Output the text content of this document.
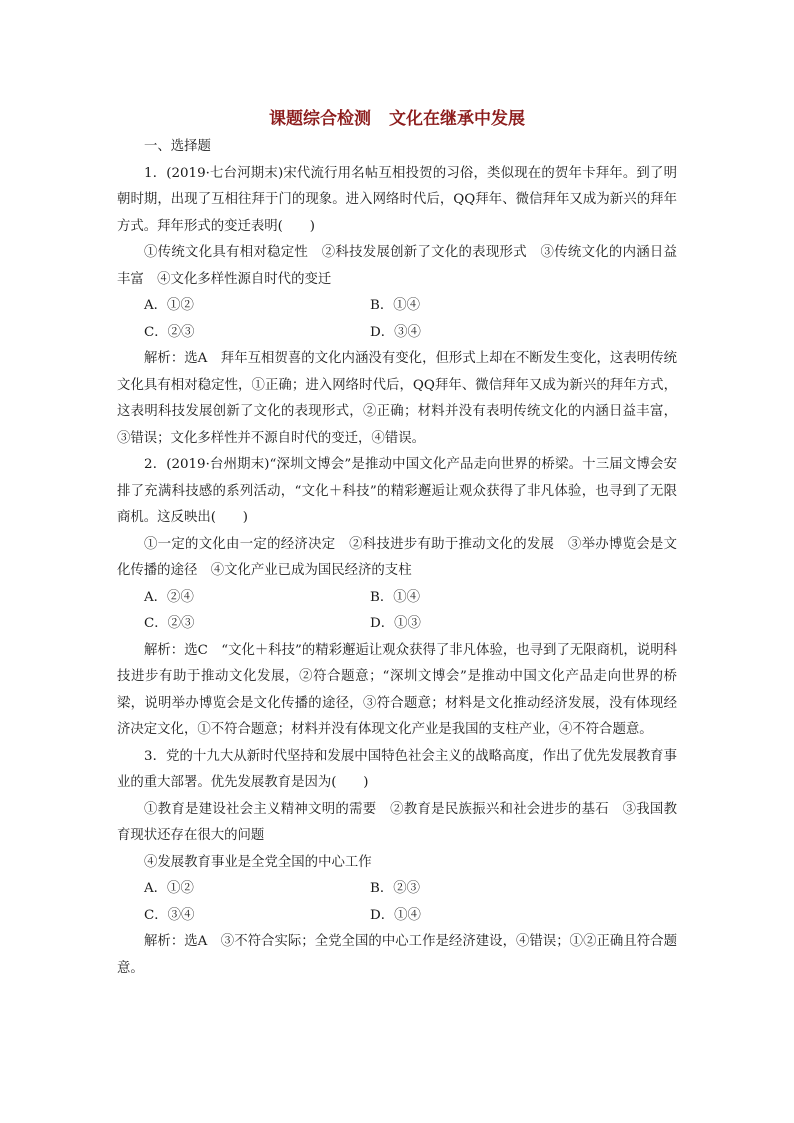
课题综合检测 文化在继承中发展

一、选择题

1．(2019·七台河期末)宋代流行用名帖互相投贺的习俗，类似现在的贺年卡拜年。到了明朝时期，出现了互相往拜于门的现象。进入网络时代后，QQ拜年、微信拜年又成为新兴的拜年方式。拜年形式的变迁表明(　　)

①传统文化具有相对稳定性　②科技发展创新了文化的表现形式　③传统文化的内涵日益丰富　④文化多样性源自时代的变迁

A．①②	B．①④
C．②③	D．③④

解析：选A　拜年互相贺喜的文化内涵没有变化，但形式上却在不断发生变化，这表明传统文化具有相对稳定性，①正确；进入网络时代后，QQ拜年、微信拜年又成为新兴的拜年方式，这表明科技发展创新了文化的表现形式，②正确；材料并没有表明传统文化的内涵日益丰富，③错误；文化多样性并不源自时代的变迁，④错误。

2．(2019·台州期末)“深圳文博会”是推动中国文化产品走向世界的桥梁。十三届文博会安排了充满科技感的系列活动，“文化＋科技”的精彩邂逅让观众获得了非凡体验，也寻到了无限商机。这反映出(　　)

①一定的文化由一定的经济决定　②科技进步有助于推动文化的发展　③举办博览会是文化传播的途径　④文化产业已成为国民经济的支柱

A．②④	B．①④
C．②③	D．①③

解析：选C　“文化＋科技”的精彩邂逅让观众获得了非凡体验，也寻到了无限商机，说明科技进步有助于推动文化发展，②符合题意；“深圳文博会”是推动中国文化产品走向世界的桥梁，说明举办博览会是文化传播的途径，③符合题意；材料是文化推动经济发展，没有体现经济决定文化，①不符合题意；材料并没有体现文化产业是我国的支柱产业，④不符合题意。

3．党的十九大从新时代坚持和发展中国特色社会主义的战略高度，作出了优先发展教育事业的重大部署。优先发展教育是因为(　　)

①教育是建设社会主义精神文明的需要　②教育是民族振兴和社会进步的基石　③我国教育现状还存在很大的问题

④发展教育事业是全党全国的中心工作

A．①②	B．②③
C．③④	D．①④

解析：选A　③不符合实际；全党全国的中心工作是经济建设，④错误；①②正确且符合题意。
